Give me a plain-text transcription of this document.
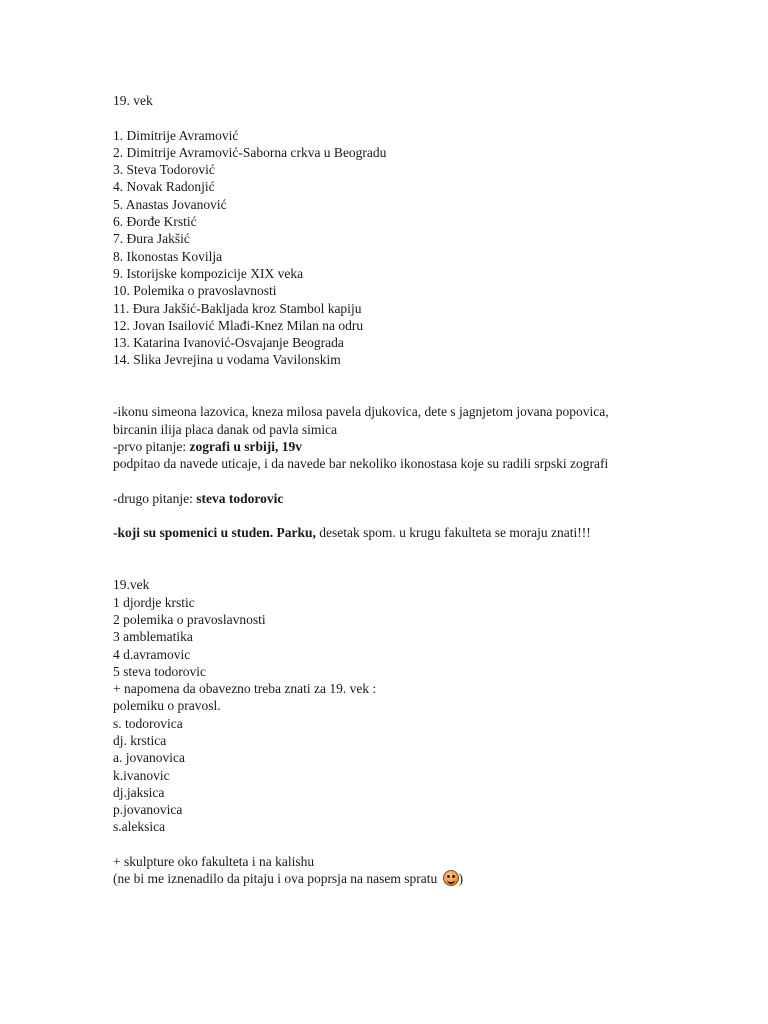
19. vek
1. Dimitrije Avramović
2. Dimitrije Avramović-Saborna crkva u Beogradu
3. Steva Todorović
4. Novak Radonjić
5. Anastas Jovanović
6. Đorđe Krstić
7. Đura Jakšić
8. Ikonostas Kovilja
9. Istorijske kompozicije XIX veka
10. Polemika o pravoslavnosti
11. Đura Jakšić-Bakljada kroz Stambol kapiju
12. Jovan Isailović Mlađi-Knez Milan na odru
13. Katarina Ivanović-Osvajanje Beograda
14. Slika Jevrejina u vodama Vavilonskim
-ikonu simeona lazovica, kneza milosa pavela djukovica, dete s jagnjetom jovana popovica,
bircanin ilija placa danak od pavla simica
-prvo pitanje: zografi u srbiji, 19v
podpitao da navede uticaje, i da navede bar nekoliko ikonostasa koje su radili srpski zografi
-drugo pitanje: steva todorovic
-koji su spomenici u studen. Parku, desetak spom. u krugu fakulteta se moraju znati!!!
19.vek
1 djordje krstic
2 polemika o pravoslavnosti
3 amblematika
4 d.avramovic
5 steva todorovic
+ napomena da obavezno treba znati za 19. vek :
polemiku o pravosl.
s. todorovica
dj. krstica
a. jovanovica
k.ivanovic
dj.jaksica
p.jovanovica
s.aleksica
+ skulpture oko fakulteta i na kalishu
(ne bi me iznenadilo da pitaju i ova poprsja na nasem spratu
)
